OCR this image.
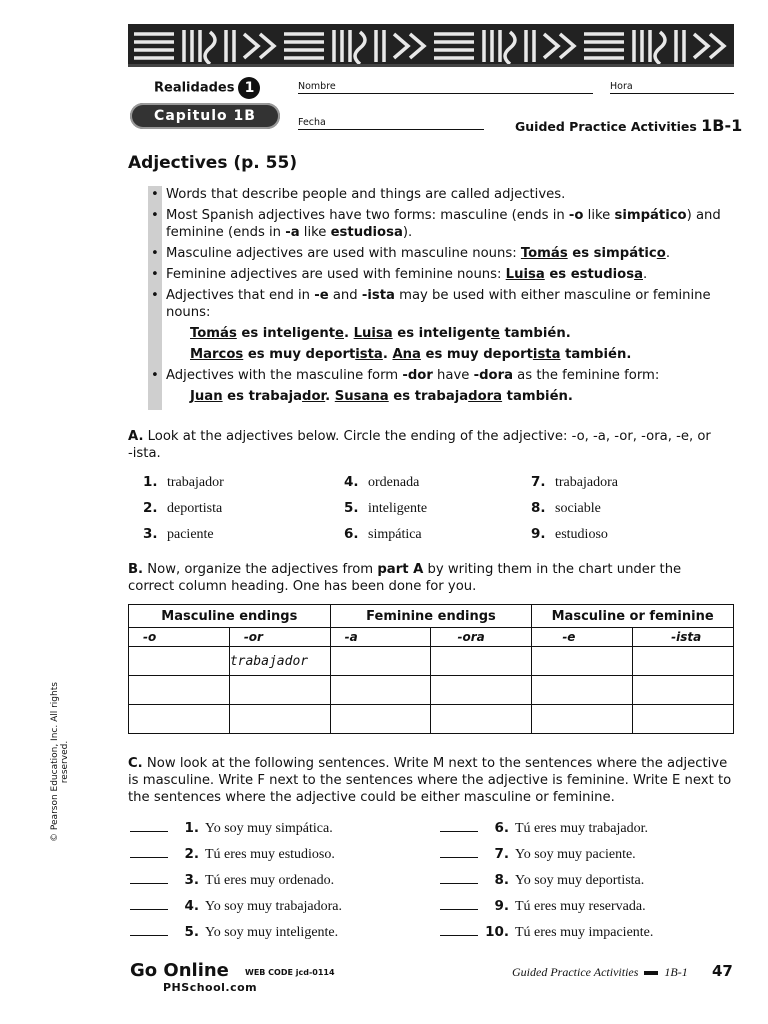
Realidades 1
Capitulo 1B
Nombre	Hora
Fecha	Guided Practice Activities 1B-1
Adjectives (p. 55)
• Words that describe people and things are called adjectives.
• Most Spanish adjectives have two forms: masculine (ends in -o like simpático) and feminine (ends in -a like estudiosa).
• Masculine adjectives are used with masculine nouns: Tomás es simpático.
• Feminine adjectives are used with feminine nouns: Luisa es estudiosa.
• Adjectives that end in -e and -ista may be used with either masculine or feminine nouns:
Tomás es inteligente. Luisa es inteligente también.
Marcos es muy deportista. Ana es muy deportista también.
• Adjectives with the masculine form -dor have -dora as the feminine form:
Juan es trabajador. Susana es trabajadora también.
A. Look at the adjectives below. Circle the ending of the adjective: -o, -a, -or, -ora, -e, or -ista.
1. trabajador
2. deportista
3. paciente
4. ordenada
5. inteligente
6. simpática
7. trabajadora
8. sociable
9. estudioso
B. Now, organize the adjectives from part A by writing them in the chart under the correct column heading. One has been done for you.
Masculine endings		Feminine endings		Masculine or feminine	
-o	-or	-a	-ora	-e	-ista
	trabajador				

C. Now look at the following sentences. Write M next to the sentences where the adjective is masculine. Write F next to the sentences where the adjective is feminine. Write E next to the sentences where the adjective could be either masculine or feminine.
1. Yo soy muy simpática.
2. Tú eres muy estudioso.
3. Tú eres muy ordenado.
4. Yo soy muy trabajadora.
5. Yo soy muy inteligente.
6. Tú eres muy trabajador.
7. Yo soy muy paciente.
8. Yo soy muy deportista.
9. Tú eres muy reservada.
10. Tú eres muy impaciente.
© Pearson Education, Inc. All rights reserved.
Go Online WEB CODE jcd-0114
PHSchool.com
Guided Practice Activities 1B-1 47
